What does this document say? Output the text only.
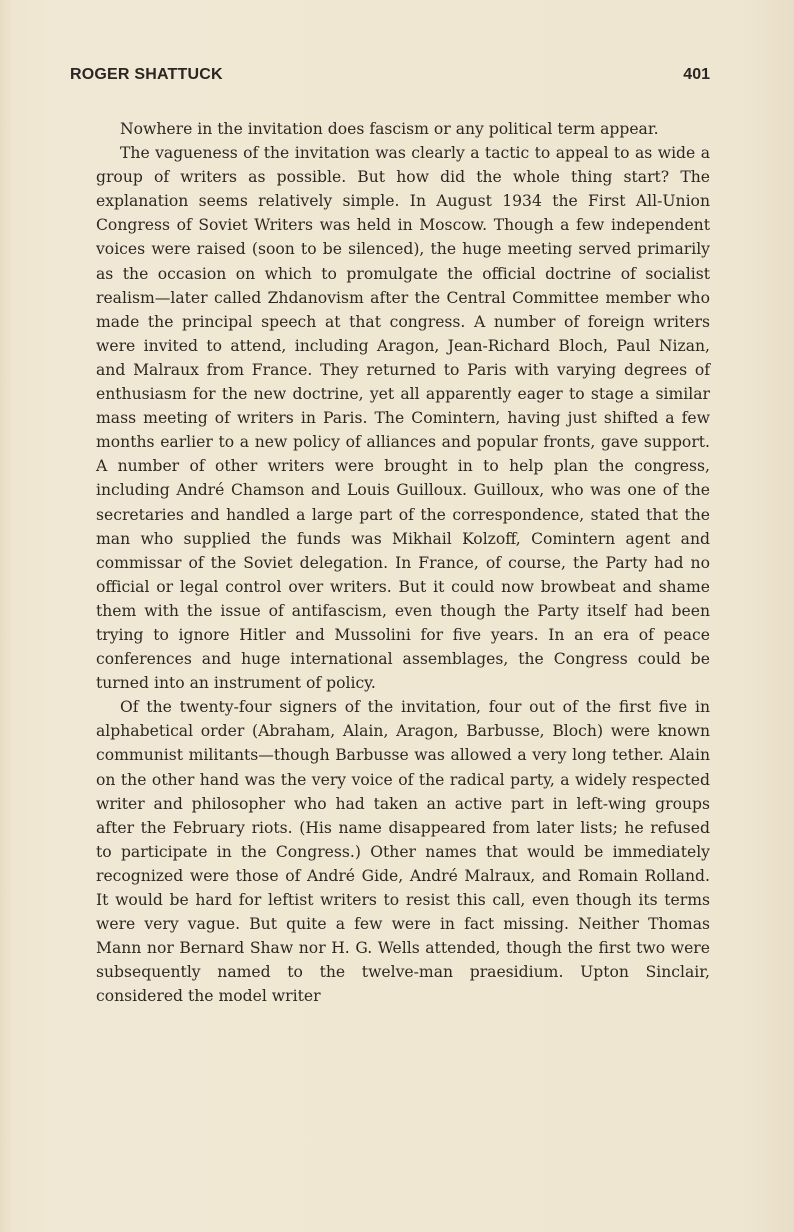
ROGER SHATTUCK	401

Nowhere in the invitation does fascism or any political term appear.

The vagueness of the invitation was clearly a tactic to appeal to as wide a group of writers as possible. But how did the whole thing start? The explanation seems relatively simple. In August 1934 the First All-Union Congress of Soviet Writers was held in Moscow. Though a few independent voices were raised (soon to be silenced), the huge meeting served primarily as the occasion on which to promulgate the official doctrine of socialist realism—later called Zhdanovism after the Central Committee member who made the principal speech at that congress. A number of foreign writers were invited to attend, including Aragon, Jean-Richard Bloch, Paul Nizan, and Malraux from France. They returned to Paris with varying degrees of enthusiasm for the new doctrine, yet all apparently eager to stage a similar mass meeting of writers in Paris. The Comintern, having just shifted a few months earlier to a new policy of alliances and popular fronts, gave support. A number of other writers were brought in to help plan the congress, including André Chamson and Louis Guilloux. Guilloux, who was one of the secretaries and handled a large part of the correspondence, stated that the man who supplied the funds was Mikhail Kolzoff, Comintern agent and commissar of the Soviet delegation. In France, of course, the Party had no official or legal control over writers. But it could now browbeat and shame them with the issue of antifascism, even though the Party itself had been trying to ignore Hitler and Mussolini for five years. In an era of peace conferences and huge international assemblages, the Congress could be turned into an instrument of policy.

Of the twenty-four signers of the invitation, four out of the first five in alphabetical order (Abraham, Alain, Aragon, Barbusse, Bloch) were known communist militants—though Barbusse was allowed a very long tether. Alain on the other hand was the very voice of the radical party, a widely respected writer and philosopher who had taken an active part in left-wing groups after the February riots. (His name disappeared from later lists; he refused to participate in the Congress.) Other names that would be immediately recognized were those of André Gide, André Malraux, and Romain Rolland. It would be hard for leftist writers to resist this call, even though its terms were very vague. But quite a few were in fact missing. Neither Thomas Mann nor Bernard Shaw nor H. G. Wells attended, though the first two were subsequently named to the twelve-man praesidium. Upton Sinclair, considered the model writer
